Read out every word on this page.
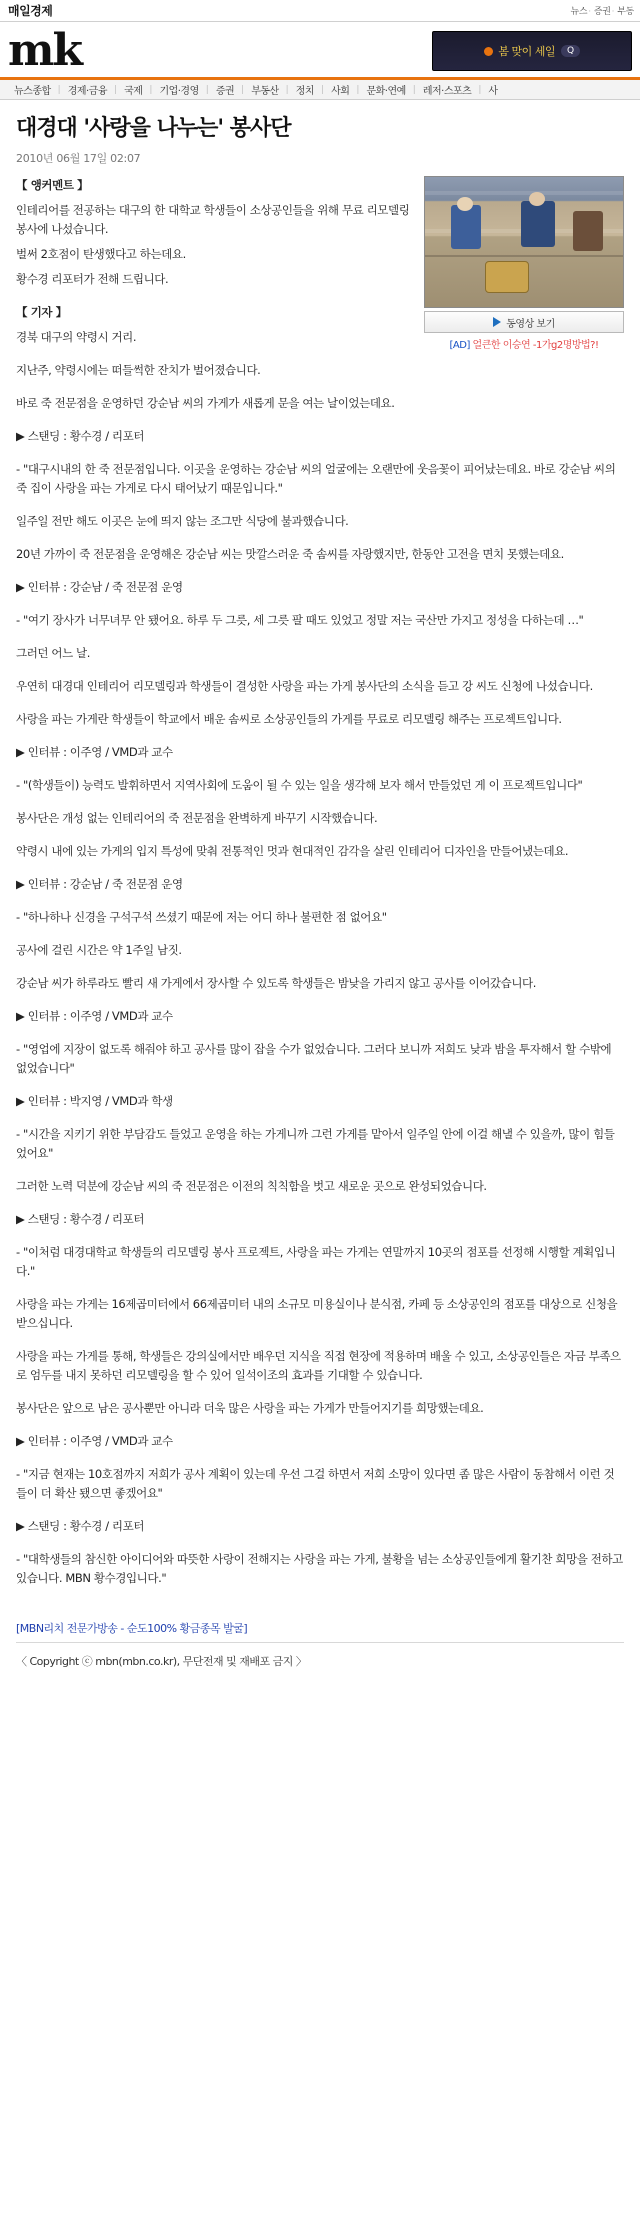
매일경제	뉴스· 증권· 부동
mk	봄 맞이 세일	Q
뉴스종합 | 경제·금융 | 국제 | 기업·경영 | 증권 | 부동산 | 정치 | 사회 | 문화·연예 | 레저·스포츠 | 사
대경대 '사랑을 나누는' 봉사단
2010년 06월 17일 02:07
동영상 보기
[AD] 얼큰한 이승연 -1가g2명방법?!

【 앵커멘트 】

인테리어를 전공하는 대구의 한 대학교 학생들이 소상공인들을 위해 무료 리모델링 봉사에 나섰습니다.

벌써 2호점이 탄생했다고 하는데요.

황수경 리포터가 전해 드립니다.

【 기자 】

경북 대구의 약령시 거리.

지난주, 약령시에는 떠들썩한 잔치가 벌어졌습니다.

바로 죽 전문점을 운영하던 강순남 씨의 가게가 새롭게 문을 여는 날이었는데요.

▶ 스탠딩 : 황수경 / 리포터

- "대구시내의 한 죽 전문점입니다. 이곳을 운영하는 강순남 씨의 얼굴에는 오랜만에 웃음꽃이 피어났는데요. 바로 강순남 씨의 죽 집이 사랑을 파는 가게로 다시 태어났기 때문입니다."

일주일 전만 해도 이곳은 눈에 띄지 않는 조그만 식당에 불과했습니다.

20년 가까이 죽 전문점을 운영해온 강순남 씨는 맛깔스러운 죽 솜씨를 자랑했지만, 한동안 고전을 면치 못했는데요.

▶ 인터뷰 : 강순남 / 죽 전문점 운영

- "여기 장사가 너무녀무 안 됐어요. 하루 두 그릇, 세 그릇 팔 때도 있었고 정말 저는 국산만 가지고 정성을 다하는데 …"

그러던 어느 날.

우연히 대경대 인테리어 리모델링과 학생들이 결성한 사랑을 파는 가게 봉사단의 소식을 듣고 강 씨도 신청에 나섰습니다.

사랑을 파는 가게란 학생들이 학교에서 배운 솜씨로 소상공인들의 가게를 무료로 리모델링 해주는 프로젝트입니다.

▶ 인터뷰 : 이주영 / VMD과 교수

- "(학생들이) 능력도 발휘하면서 지역사회에 도움이 될 수 있는 일을 생각해 보자 해서 만들었던 게 이 프로젝트입니다"

봉사단은 개성 없는 인테리어의 죽 전문점을 완벽하게 바꾸기 시작했습니다.

약령시 내에 있는 가게의 입지 특성에 맞춰 전통적인 멋과 현대적인 감각을 살린 인테리어 디자인을 만들어냈는데요.

▶ 인터뷰 : 강순남 / 죽 전문점 운영

- "하나하나 신경을 구석구석 쓰셨기 때문에 저는 어디 하나 불편한 점 없어요"

공사에 걸린 시간은 약 1주일 남짓.

강순남 씨가 하루라도 빨리 새 가게에서 장사할 수 있도록 학생들은 밤낮을 가리지 않고 공사를 이어갔습니다.

▶ 인터뷰 : 이주영 / VMD과 교수

- "영업에 지장이 없도록 해줘야 하고 공사를 많이 잡을 수가 없었습니다. 그러다 보니까 저희도 낮과 밤을 투자해서 할 수밖에 없었습니다"

▶ 인터뷰 : 박지영 / VMD과 학생

- "시간을 지키기 위한 부담감도 들었고 운영을 하는 가게니까 그런 가게를 맡아서 일주일 안에 이걸 해낼 수 있을까, 많이 힘들었어요"

그러한 노력 덕분에 강순남 씨의 죽 전문점은 이전의 칙칙함을 벗고 새로운 곳으로 완성되었습니다.

▶ 스탠딩 : 황수경 / 리포터

- "이처럼 대경대학교 학생들의 리모델링 봉사 프로젝트, 사랑을 파는 가게는 연말까지 10곳의 점포를 선정해 시행할 계획입니다."

사랑을 파는 가게는 16제곱미터에서 66제곱미터 내의 소규모 미용실이나 분식점, 카페 등 소상공인의 점포를 대상으로 신청을 받으십니다.

사랑을 파는 가게를 통해, 학생들은 강의실에서만 배우던 지식을 직접 현장에 적용하며 배울 수 있고, 소상공인들은 자금 부족으로 엄두를 내지 못하던 리모델링을 할 수 있어 일석이조의 효과를 기대할 수 있습니다.

봉사단은 앞으로 남은 공사뿐만 아니라 더욱 많은 사랑을 파는 가게가 만들어지기를 희망했는데요.

▶ 인터뷰 : 이주영 / VMD과 교수

- "지금 현재는 10호점까지 저희가 공사 계획이 있는데 우선 그걸 하면서 저희 소망이 있다면 좀 많은 사람이 동참해서 이런 것들이 더 확산 됐으면 좋겠어요"

▶ 스탠딩 : 황수경 / 리포터

- "대학생들의 참신한 아이디어와 따뜻한 사랑이 전해지는 사랑을 파는 가게, 불황을 넘는 소상공인들에게 활기찬 희망을 전하고 있습니다. MBN 황수경입니다."

[MBN리치 전문가방송 - 순도100% 황금종목 발굴]
〈 Copyright ⓒ mbn(mbn.co.kr), 무단전재 및 재배포 금지 〉
